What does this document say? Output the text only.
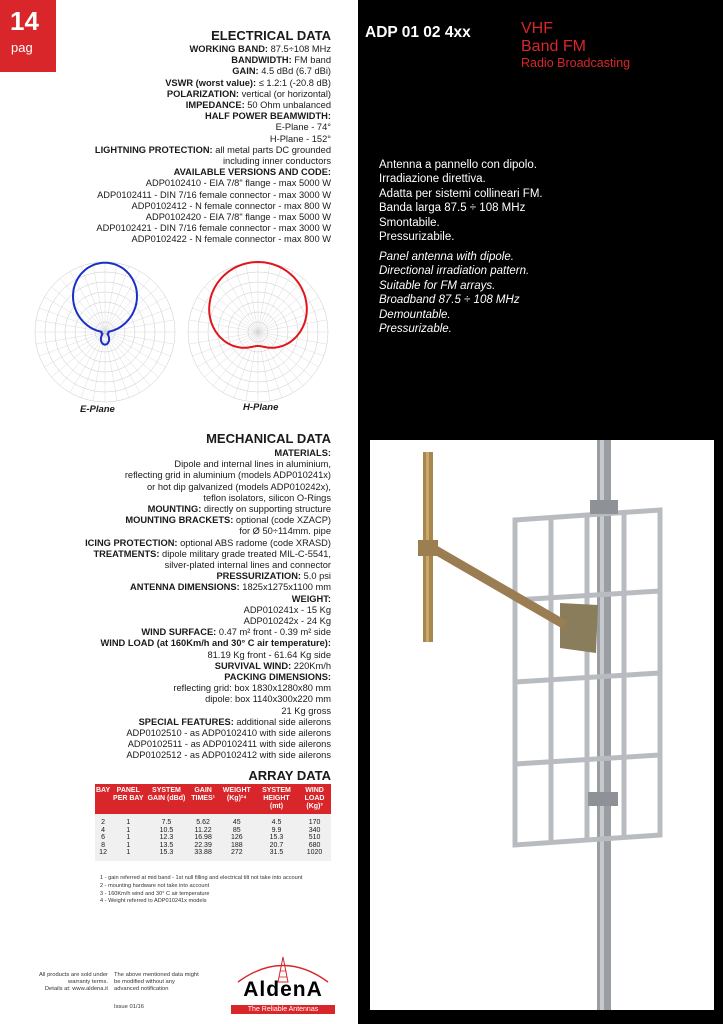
14
pag
ELECTRICAL DATA
WORKING BAND: 87.5÷108 MHz
BANDWIDTH: FM band
GAIN: 4.5 dBd (6.7 dBi)
VSWR (worst value): ≤ 1.2:1 (-20.8 dB)
POLARIZATION: vertical (or horizontal)
IMPEDANCE: 50 Ohm unbalanced
HALF POWER BEAMWIDTH:
E-Plane - 74°
H-Plane - 152°
LIGHTNING PROTECTION: all metal parts DC grounded
including inner conductors
AVAILABLE VERSIONS AND CODE:
ADP0102410 - EIA 7/8" flange - max 5000 W
ADP0102411 - DIN 7/16 female connector - max 3000 W
ADP0102412 - N female connector - max 800 W
ADP0102420 - EIA 7/8" flange - max 5000 W
ADP0102421 - DIN 7/16 female connector - max 3000 W
ADP0102422 - N female connector - max 800 W
ADP 01 02 4xx	VHF
Band FM
Radio Broadcasting
Antenna a pannello con dipolo.
Irradiazione direttiva.
Adatta per sistemi collineari FM.
Banda larga 87.5 ÷ 108 MHz
Smontabile.
Pressurizabile.
Panel antenna with dipole.
Directional irradiation pattern.
Suitable for FM arrays.
Broadband 87.5 ÷ 108 MHz
Demountable.
Pressurizable.
E-Plane	H-Plane
MECHANICAL DATA
MATERIALS:
Dipole and internal lines in aluminium,
reflecting grid in aluminium (models ADP010241x)
or hot dip galvanized (models ADP010242x),
teflon isolators, silicon O-Rings
MOUNTING: directly on supporting structure
MOUNTING BRACKETS: optional (code XZACP)
for Ø 50÷114mm. pipe
ICING PROTECTION: optional ABS radome (code XRASD)
TREATMENTS: dipole military grade treated MIL-C-5541,
silver-plated internal lines and connector
PRESSURIZATION: 5.0 psi
ANTENNA DIMENSIONS: 1825x1275x1100 mm
WEIGHT:
ADP010241x - 15 Kg
ADP010242x - 24 Kg
WIND SURFACE: 0.47 m² front - 0.39 m² side
WIND LOAD (at 160Km/h and 30° C air temperature):
81.19 Kg front - 61.64 Kg side
SURVIVAL WIND: 220Km/h
PACKING DIMENSIONS:
reflecting grid: box 1830x1280x80 mm
dipole: box 1140x300x220 mm
21 Kg gross
SPECIAL FEATURES: additional side ailerons
ADP0102510 - as ADP0102410 with side ailerons
ADP0102511 - as ADP0102411 with side ailerons
ADP0102512 - as ADP0102412 with side ailerons
ARRAY DATA
BAY	PANEL PER BAY	SYSTEM GAIN (dBd)	GAIN TIMES¹	WEIGHT (Kg)²⁴	SYSTEM HEIGHT (mt)	WIND LOAD (Kg)³
2	1	7.5	5.62	45	4.5	170
4	1	10.5	11.22	85	9.9	340
6	1	12.3	16.98	126	15.3	510
8	1	13.5	22.39	188	20.7	680
12	1	15.3	33.88	272	31.5	1020
1 - gain referred at mid band - 1st null filling and electrical tilt not take into account
2 - mounting hardware not take into account
3 - 160Km/h wind and 30° C air temperature
4 - Weight referred to ADP010241x models
All products are sold under
warranty terms.
Details at: www.aldena.it
The above mentioned data might
be modified without any
advanced notification
Issue 01/16
AldenA
The Reliable Antennas
